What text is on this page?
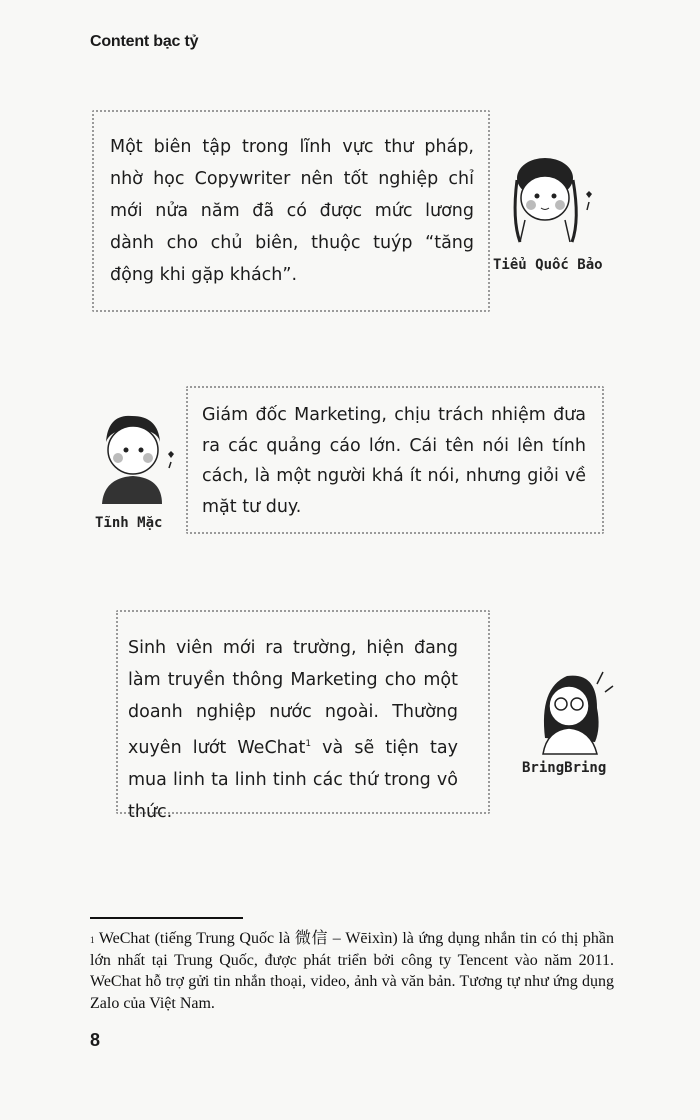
Content bạc tỷ
Một biên tập trong lĩnh vực thư pháp, nhờ học Copywriter nên tốt nghiệp chỉ mới nửa năm đã có được mức lương dành cho chủ biên, thuộc tuýp “tăng động khi gặp khách”.	Tiểu Quốc Bảo
Giám đốc Marketing, chịu trách nhiệm đưa ra các quảng cáo lớn. Cái tên nói lên tính cách, là một người khá ít nói, nhưng giỏi về mặt tư duy.
Tĩnh Mặc
Sinh viên mới ra trường, hiện đang làm truyền thông Marketing cho một doanh nghiệp nước ngoài. Thường xuyên lướt WeChat$^1$ và sẽ tiện tay mua linh ta linh tinh các thứ trong vô thức.
BringBring
$^1$ WeChat (tiếng Trung Quốc là 微信 – Wēixìn) là ứng dụng nhắn tin có thị phần lớn nhất tại Trung Quốc, được phát triển bởi công ty Tencent vào năm 2011. WeChat hỗ trợ gửi tin nhắn thoại, video, ảnh và văn bản. Tương tự như ứng dụng Zalo của Việt Nam.
8
